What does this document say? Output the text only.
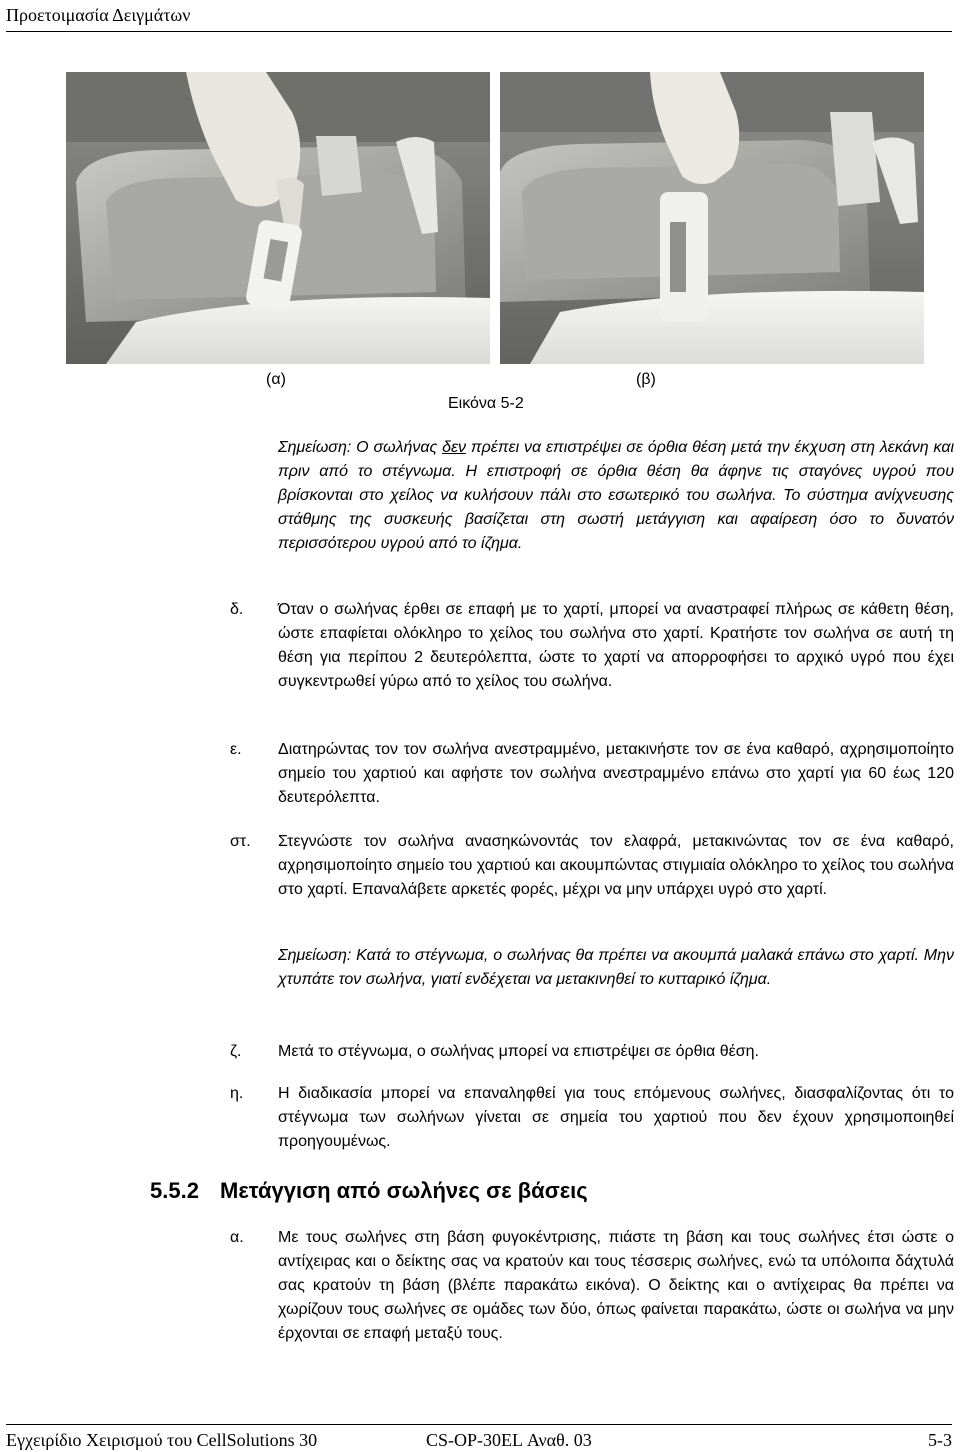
Προετοιμασία Δειγμάτων
(α)	(β)
Εικόνα 5-2
Σημείωση: Ο σωλήνας δεν πρέπει να επιστρέψει σε όρθια θέση μετά την έκχυση στη λεκάνη και πριν από το στέγνωμα. Η επιστροφή σε όρθια θέση θα άφηνε τις σταγόνες υγρού που βρίσκονται στο χείλος να κυλήσουν πάλι στο εσωτερικό του σωλήνα. Το σύστημα ανίχνευσης στάθμης της συσκευής βασίζεται στη σωστή μετάγγιση και αφαίρεση όσο το δυνατόν περισσότερου υγρού από το ίζημα.
δ. Όταν ο σωλήνας έρθει σε επαφή με το χαρτί, μπορεί να αναστραφεί πλήρως σε κάθετη θέση, ώστε επαφίεται ολόκληρο το χείλος του σωλήνα στο χαρτί. Κρατήστε τον σωλήνα σε αυτή τη θέση για περίπου 2 δευτερόλεπτα, ώστε το χαρτί να απορροφήσει το αρχικό υγρό που έχει συγκεντρωθεί γύρω από το χείλος του σωλήνα.
ε. Διατηρώντας τον τον σωλήνα ανεστραμμένο, μετακινήστε τον σε ένα καθαρό, αχρησιμοποίητο σημείο του χαρτιού και αφήστε τον σωλήνα ανεστραμμένο επάνω στο χαρτί για 60 έως 120 δευτερόλεπτα.
στ. Στεγνώστε τον σωλήνα ανασηκώνοντάς τον ελαφρά, μετακινώντας τον σε ένα καθαρό, αχρησιμοποίητο σημείο του χαρτιού και ακουμπώντας στιγμιαία ολόκληρο το χείλος του σωλήνα στο χαρτί. Επαναλάβετε αρκετές φορές, μέχρι να μην υπάρχει υγρό στο χαρτί.
Σημείωση: Κατά το στέγνωμα, ο σωλήνας θα πρέπει να ακουμπά μαλακά επάνω στο χαρτί. Μην χτυπάτε τον σωλήνα, γιατί ενδέχεται να μετακινηθεί το κυτταρικό ίζημα.
ζ. Μετά το στέγνωμα, ο σωλήνας μπορεί να επιστρέψει σε όρθια θέση.
η. Η διαδικασία μπορεί να επαναληφθεί για τους επόμενους σωλήνες, διασφαλίζοντας ότι το στέγνωμα των σωλήνων γίνεται σε σημεία του χαρτιού που δεν έχουν χρησιμοποιηθεί προηγουμένως.
5.5.2 Μετάγγιση από σωλήνες σε βάσεις
α. Με τους σωλήνες στη βάση φυγοκέντρισης, πιάστε τη βάση και τους σωλήνες έτσι ώστε ο αντίχειρας και ο δείκτης σας να κρατούν και τους τέσσερις σωλήνες, ενώ τα υπόλοιπα δάχτυλά σας κρατούν τη βάση (βλέπε παρακάτω εικόνα). Ο δείκτης και ο αντίχειρας θα πρέπει να χωρίζουν τους σωλήνες σε ομάδες των δύο, όπως φαίνεται παρακάτω, ώστε οι σωλήνα να μην έρχονται σε επαφή μεταξύ τους.
Εγχειρίδιο Χειρισμού του CellSolutions 30	CS-OP-30EL Αναθ. 03	5-3
